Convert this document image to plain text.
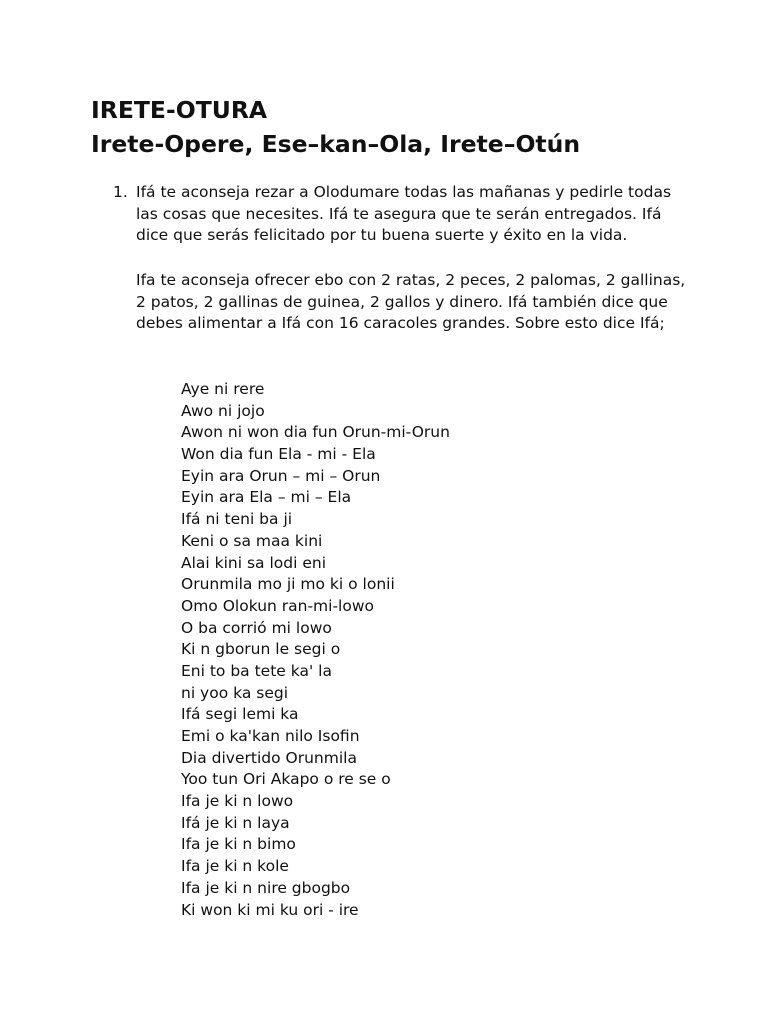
IRETE-OTURA
Irete-Opere, Ese–kan–Ola, Irete–Otún
1. Ifá te aconseja rezar a Olodumare todas las mañanas y pedirle todas las cosas que necesites. Ifá te asegura que te serán entregados. Ifá dice que serás felicitado por tu buena suerte y éxito en la vida.

Ifa te aconseja ofrecer ebo con 2 ratas, 2 peces, 2 palomas, 2 gallinas, 2 patos, 2 gallinas de guinea, 2 gallos y dinero. Ifá también dice que debes alimentar a Ifá con 16 caracoles grandes. Sobre esto dice Ifá;

Aye ni rere
Awo ni jojo
Awon ni won dia fun Orun-mi-Orun
Won dia fun Ela - mi - Ela
Eyin ara Orun – mi – Orun
Eyin ara Ela – mi – Ela
Ifá ni teni ba ji
Keni o sa maa kini
Alai kini sa lodi eni
Orunmila mo ji mo ki o lonii
Omo Olokun ran-mi-lowo
O ba corrió mi lowo
Ki n gborun le segi o
Eni to ba tete ka' la
ni yoo ka segi
Ifá segi lemi ka
Emi o ka'kan nilo Isofin
Dia divertido Orunmila
Yoo tun Ori Akapo o re se o
Ifa je ki n lowo
Ifá je ki n laya
Ifa je ki n bimo
Ifa je ki n kole
Ifa je ki n nire gbogbo
Ki won ki mi ku ori - ire
